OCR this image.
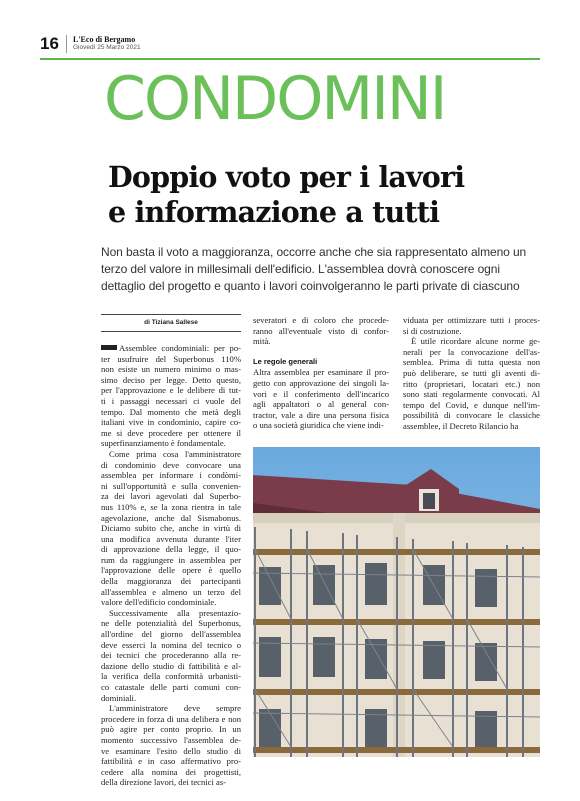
16 L'Eco di Bergamo
Giovedì 25 Marzo 2021
CONDOMINI
Doppio voto per i lavori
e informazione a tutti
Non basta il voto a maggioranza, occorre anche che sia rappresentato almeno un
terzo del valore in millesimali dell'edificio. L'assemblea dovrà conoscere ogni
dettaglio del progetto e quanto i lavori coinvolgeranno le parti private di ciascuno
di Tiziana Sallese
Assemblee condominiali: per po-
ter usufruire del Superbonus 110%
non esiste un numero minimo o mas-
simo deciso per legge. Detto questo,
per l'approvazione e le delibere di tut-
ti i passaggi necessari ci vuole del
tempo. Dal momento che metà degli
italiani vive in condominio, capire co-
me si deve procedere per ottenere il
superfinanziamento è fondamentale.
Come prima cosa l'amministratore
di condominio deve convocare una
assemblea per informare i condòmi-
ni sull'opportunità e sulla convenien-
za dei lavori agevolati dal Superbo-
nus 110% e, se la zona rientra in tale
agevolazione, anche dal Sismabonus.
Diciamo subito che, anche in virtù di
una modifica avvenuta durante l'iter
di approvazione della legge, il quo-
rum da raggiungere in assemblea per
l'approvazione delle opere è quello
della maggioranza dei partecipanti
all'assemblea e almeno un terzo del
valore dell'edificio condominiale.
Successivamente alla presentazio-
ne delle potenzialità del Superbonus,
all'ordine del giorno dell'assemblea
deve esserci la nomina del tecnico o
dei tecnici che procederanno alla re-
dazione dello studio di fattibilità e al-
la verifica della conformità urbanisti-
co catastale delle parti comuni con-
dominiali.
L'amministratore deve sempre
procedere in forza di una delibera e non
può agire per conto proprio. In un
momento successivo l'assemblea de-
ve esaminare l'esito dello studio di
fattibilità e in caso affermativo pro-
cedere alla nomina dei progettisti,
della direzione lavori, dei tecnici as-
severatori e di coloro che procede-
ranno all'eventuale visto di confor-
mità.
Le regole generali
Altra assemblea per esaminare il pro-
getto con approvazione dei singoli la-
vori e il conferimento dell'incarico
agli appaltatori o al general con-
tractor, vale a dire una persona fisica
o una società giuridica che viene indi-
viduata per ottimizzare tutti i proces-
si di costruzione.
È utile ricordare alcune norme ge-
nerali per la convocazione dell'as-
semblea. Prima di tutta questa non
può deliberare, se tutti gli aventi di-
ritto (proprietari, locatari etc.) non
sono stati regolarmente convocati. Al
tempo del Covid, e dunque nell'im-
possibilità di convocare le classiche
assemblee, il Decreto Rilancio ha
